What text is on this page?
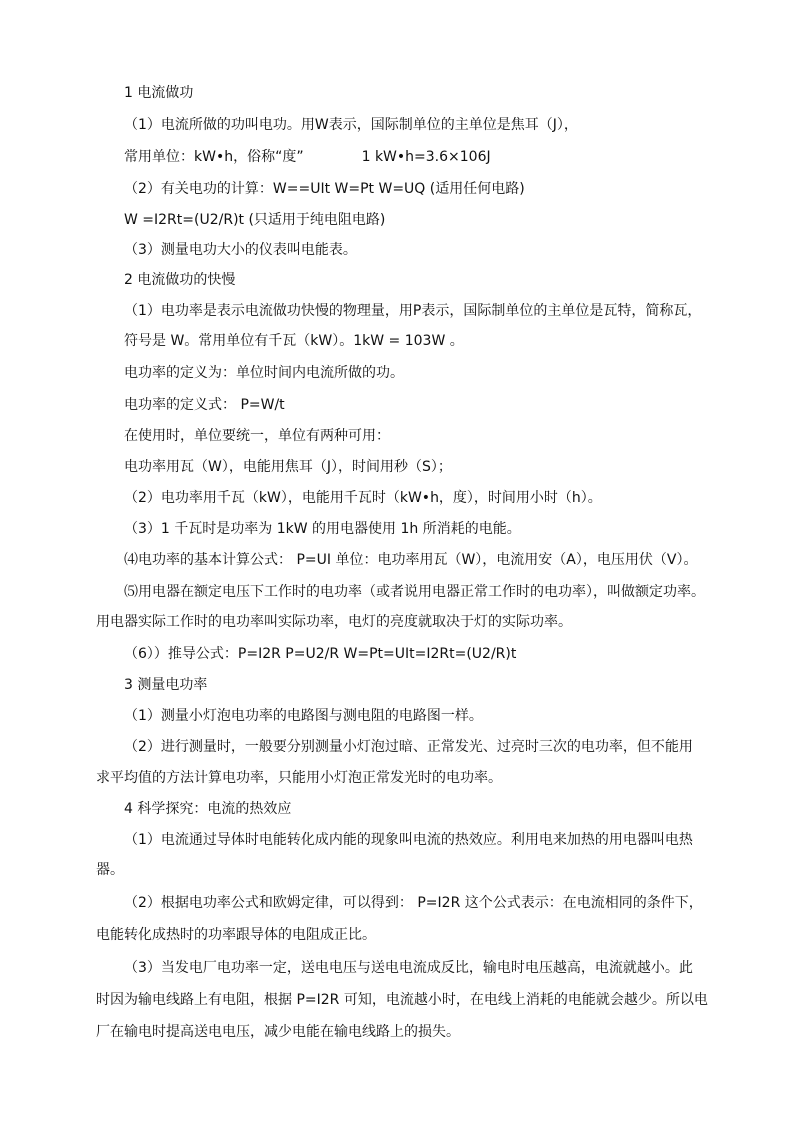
1 电流做功
（1）电流所做的功叫电功。用W表示，国际制单位的主单位是焦耳（J），
常用单位：kW•h，俗称“度”	1 kW•h=3.6×106J
（2）有关电功的计算：W==UIt W=Pt W=UQ (适用任何电路)
W =I2Rt=(U2/R)t (只适用于纯电阻电路)
（3）测量电功大小的仪表叫电能表。
2 电流做功的快慢
（1）电功率是表示电流做功快慢的物理量，用P表示，国际制单位的主单位是瓦特，简称瓦，
符号是 W。常用单位有千瓦（kW）。1kW = 103W 。
电功率的定义为：单位时间内电流所做的功。
电功率的定义式： P=W/t
在使用时，单位要统一，单位有两种可用：
电功率用瓦（W），电能用焦耳（J），时间用秒（S）；
（2）电功率用千瓦（kW），电能用千瓦时（kW•h，度），时间用小时（h）。
（3）1 千瓦时是功率为 1kW 的用电器使用 1h 所消耗的电能。
⑷电功率的基本计算公式： P=UI 单位：电功率用瓦（W），电流用安（A），电压用伏（V）。
⑸用电器在额定电压下工作时的电功率（或者说用电器正常工作时的电功率），叫做额定功率。
用电器实际工作时的电功率叫实际功率，电灯的亮度就取决于灯的实际功率。
（6））推导公式：P=I2R P=U2/R W=Pt=UIt=I2Rt=(U2/R)t
3 测量电功率
（1）测量小灯泡电功率的电路图与测电阻的电路图一样。
（2）进行测量时，一般要分别测量小灯泡过暗、正常发光、过亮时三次的电功率，但不能用
求平均值的方法计算电功率，只能用小灯泡正常发光时的电功率。
4 科学探究：电流的热效应
（1）电流通过导体时电能转化成内能的现象叫电流的热效应。利用电来加热的用电器叫电热
器。
（2）根据电功率公式和欧姆定律，可以得到： P=I2R 这个公式表示：在电流相同的条件下，
电能转化成热时的功率跟导体的电阻成正比。
（3）当发电厂电功率一定，送电电压与送电电流成反比，输电时电压越高，电流就越小。此
时因为输电线路上有电阻，根据 P=I2R 可知，电流越小时，在电线上消耗的电能就会越少。所以电
厂在输电时提高送电电压，减少电能在输电线路上的损失。
